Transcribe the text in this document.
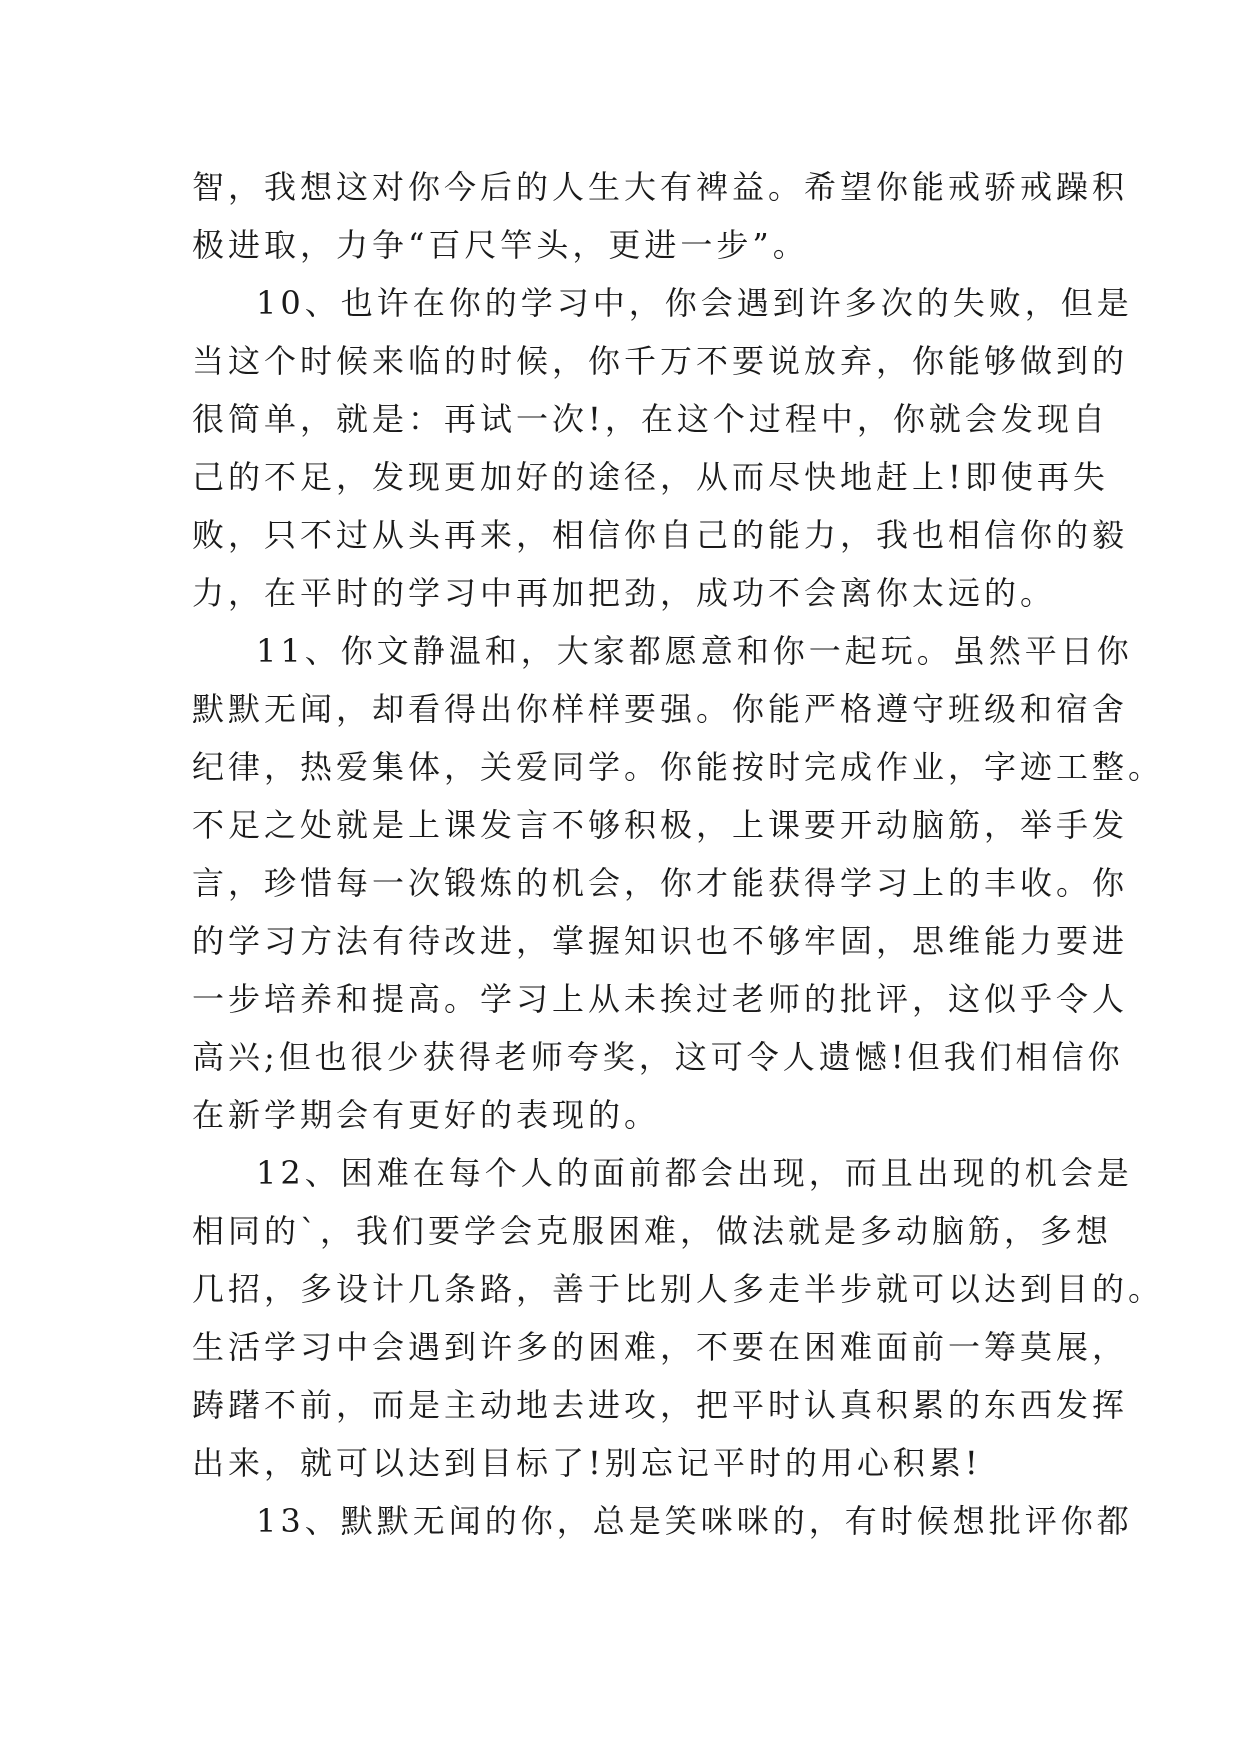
智，我想这对你今后的人生大有裨益。希望你能戒骄戒躁积
极进取，力争“百尺竿头，更进一步”。
10、也许在你的学习中，你会遇到许多次的失败，但是
当这个时候来临的时候，你千万不要说放弃，你能够做到的
很简单，就是：再试一次!，在这个过程中，你就会发现自
己的不足，发现更加好的途径，从而尽快地赶上!即使再失
败，只不过从头再来，相信你自己的能力，我也相信你的毅
力，在平时的学习中再加把劲，成功不会离你太远的。
11、你文静温和，大家都愿意和你一起玩。虽然平日你
默默无闻，却看得出你样样要强。你能严格遵守班级和宿舍
纪律，热爱集体，关爱同学。你能按时完成作业，字迹工整。
不足之处就是上课发言不够积极，上课要开动脑筋，举手发
言，珍惜每一次锻炼的机会，你才能获得学习上的丰收。你
的学习方法有待改进，掌握知识也不够牢固，思维能力要进
一步培养和提高。学习上从未挨过老师的批评，这似乎令人
高兴;但也很少获得老师夸奖，这可令人遗憾!但我们相信你
在新学期会有更好的表现的。
12、困难在每个人的面前都会出现，而且出现的机会是
相同的`，我们要学会克服困难，做法就是多动脑筋，多想
几招，多设计几条路，善于比别人多走半步就可以达到目的。
生活学习中会遇到许多的困难，不要在困难面前一筹莫展，
踌躇不前，而是主动地去进攻，把平时认真积累的东西发挥
出来，就可以达到目标了!别忘记平时的用心积累!
13、默默无闻的你，总是笑咪咪的，有时候想批评你都
